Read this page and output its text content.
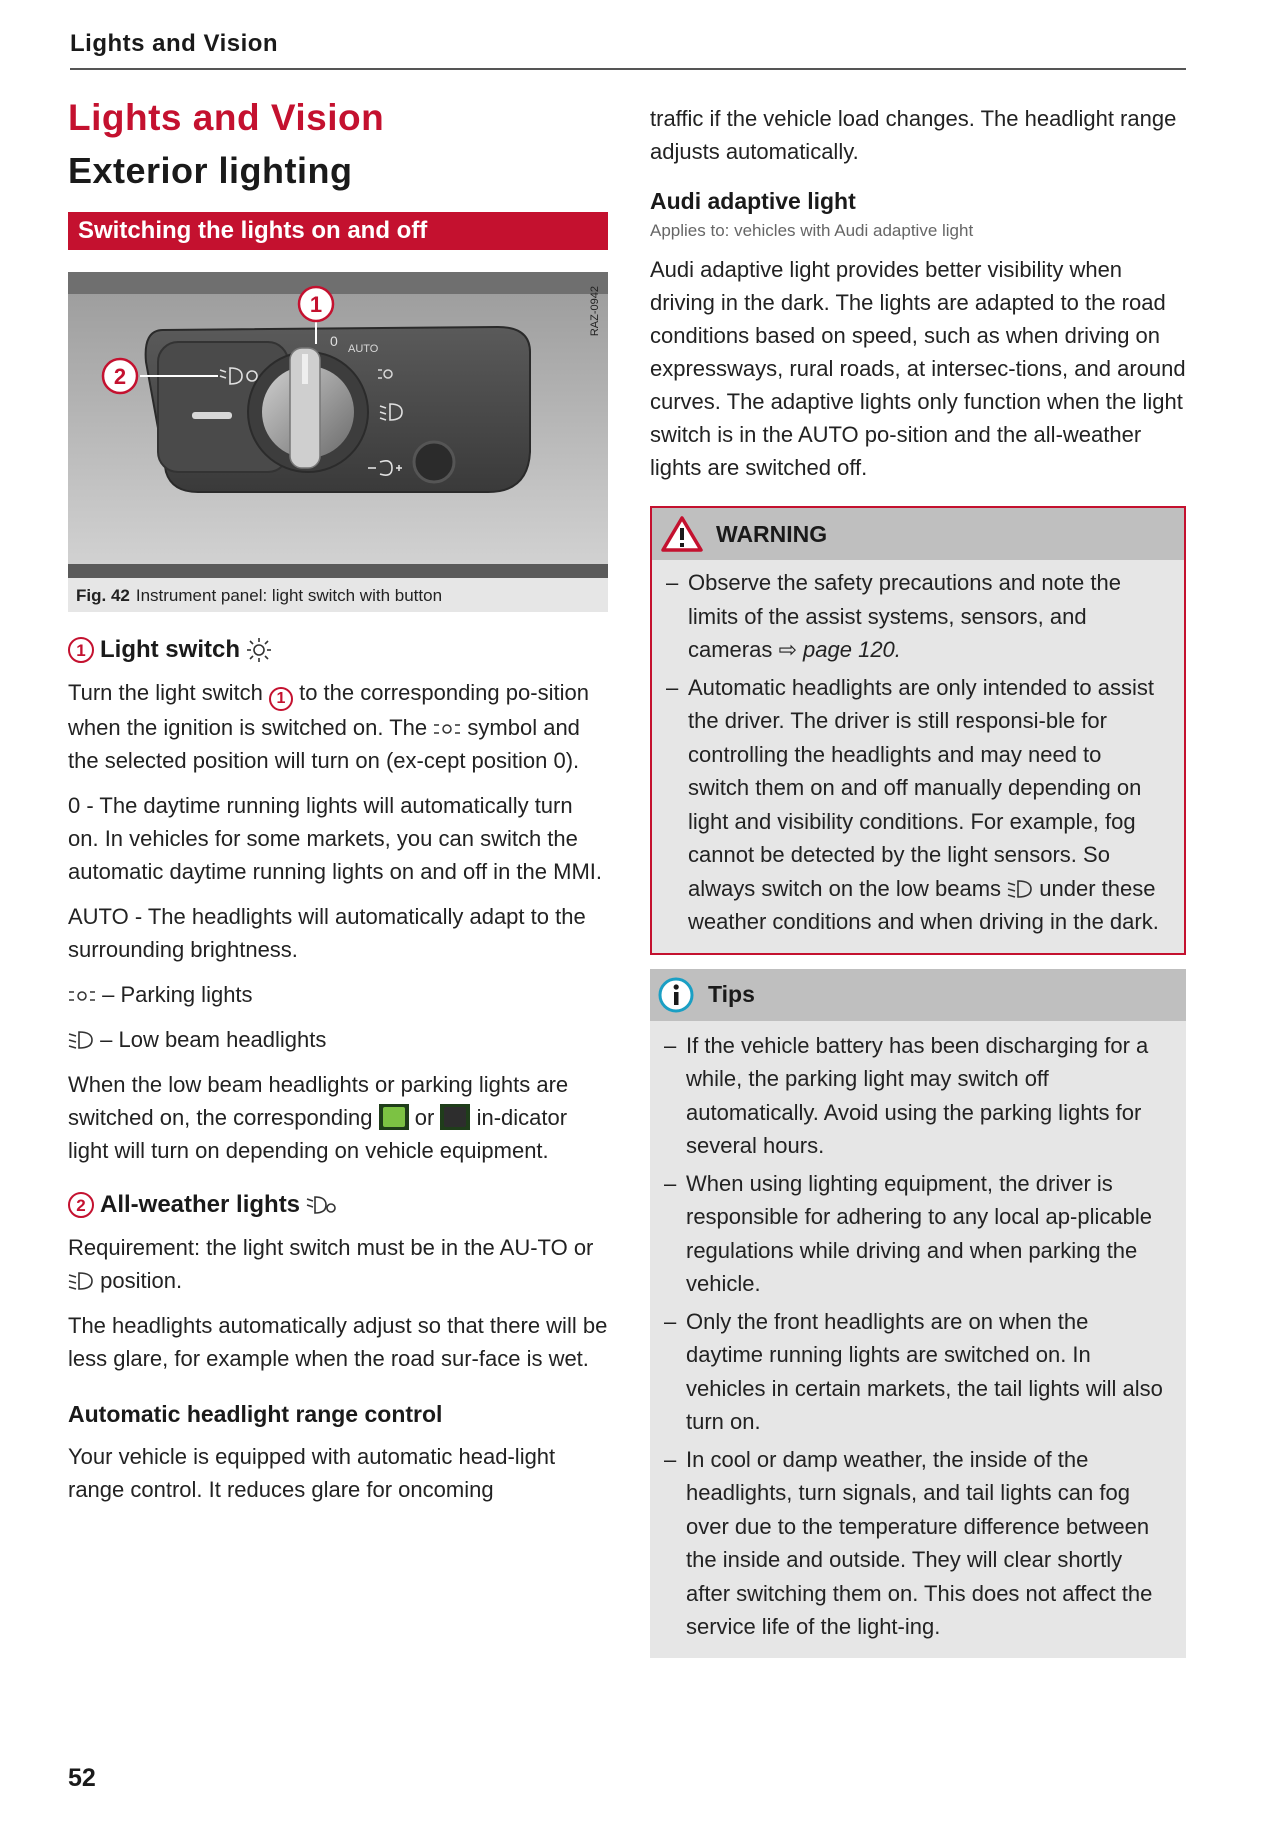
Lights and Vision
Lights and Vision
Exterior lighting
Switching the lights on and off
1
0 AUTO
2
RAZ-0942
Fig. 42 Instrument panel: light switch with button
1 Light switch

Turn the light switch 1 to the corresponding po-sition when the ignition is switched on. The symbol and the selected position will turn on (ex-cept position 0).

0 - The daytime running lights will automatically turn on. In vehicles for some markets, you can switch the automatic daytime running lights on and off in the MMI.

AUTO - The headlights will automatically adapt to the surrounding brightness.

– Parking lights

– Low beam headlights

When the low beam headlights or parking lights are switched on, the corresponding or in-dicator light will turn on depending on vehicle equipment.

2 All-weather lights

Requirement: the light switch must be in the AU-TO or  position.

The headlights automatically adjust so that there will be less glare, for example when the road sur-face is wet.

Automatic headlight range control

Your vehicle is equipped with automatic head-light range control. It reduces glare for oncoming

traffic if the vehicle load changes. The headlight range adjusts automatically.

Audi adaptive light
Applies to: vehicles with Audi adaptive light

Audi adaptive light provides better visibility when driving in the dark. The lights are adapted to the road conditions based on speed, such as when driving on expressways, rural roads, at intersec-tions, and around curves. The adaptive lights only function when the light switch is in the AUTO po-sition and the all-weather lights are switched off.

WARNING
– Observe the safety precautions and note the limits of the assist systems, sensors, and cameras ⇨ page 120.
– Automatic headlights are only intended to assist the driver. The driver is still responsi-ble for controlling the headlights and may need to switch them on and off manually depending on light and visibility conditions. For example, fog cannot be detected by the light sensors. So always switch on the low beams under these weather conditions and when driving in the dark.
Tips
– If the vehicle battery has been discharging for a while, the parking light may switch off automatically. Avoid using the parking lights for several hours.
– When using lighting equipment, the driver is responsible for adhering to any local ap-plicable regulations while driving and when parking the vehicle.
– Only the front headlights are on when the daytime running lights are switched on. In vehicles in certain markets, the tail lights will also turn on.
– In cool or damp weather, the inside of the headlights, turn signals, and tail lights can fog over due to the temperature difference between the inside and outside. They will clear shortly after switching them on. This does not affect the service life of the light-ing.
52
